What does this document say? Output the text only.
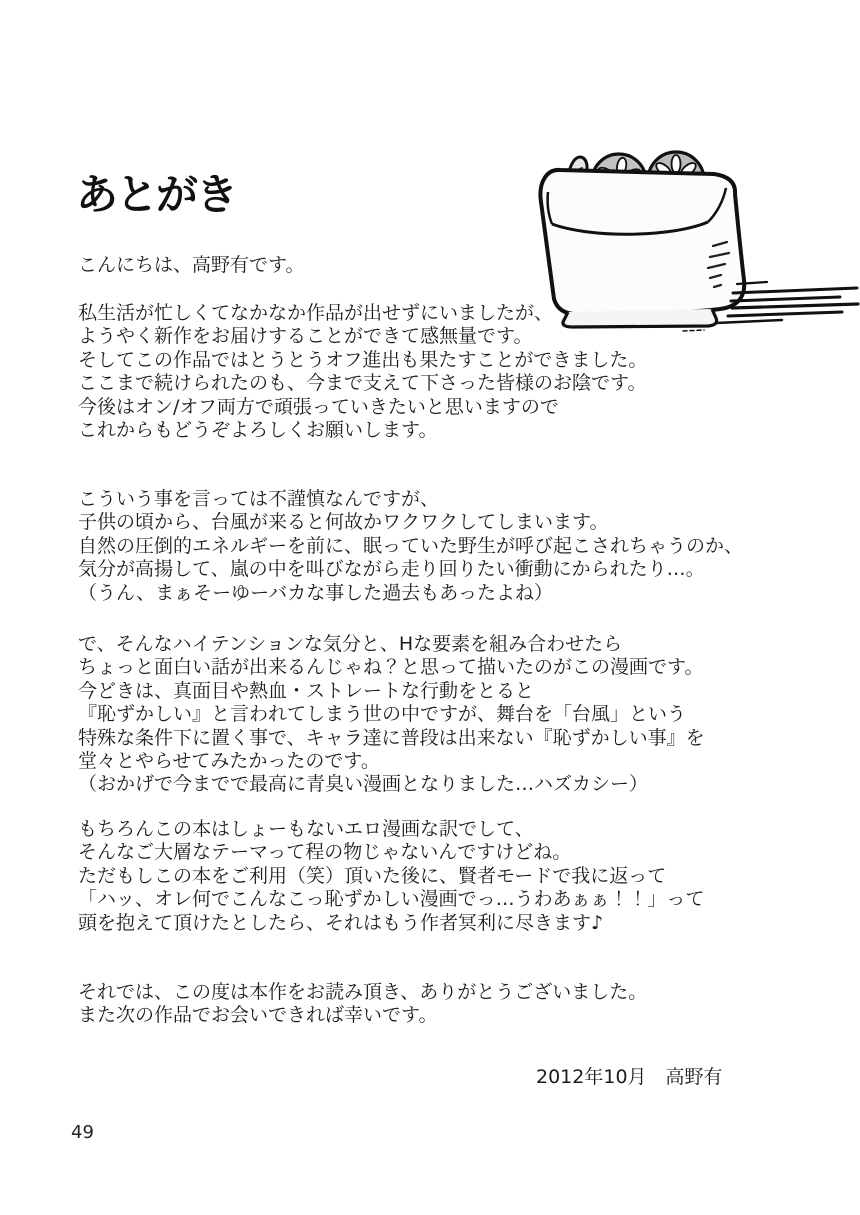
あとがき
こんにちは、高野有です。
私生活が忙しくてなかなか作品が出せずにいましたが、
ようやく新作をお届けすることができて感無量です。
そしてこの作品ではとうとうオフ進出も果たすことができました。
ここまで続けられたのも、今まで支えて下さった皆様のお陰です。
今後はオン/オフ両方で頑張っていきたいと思いますので
これからもどうぞよろしくお願いします。
こういう事を言っては不謹慎なんですが、
子供の頃から、台風が来ると何故かワクワクしてしまいます。
自然の圧倒的エネルギーを前に、眠っていた野生が呼び起こされちゃうのか、
気分が高揚して、嵐の中を叫びながら走り回りたい衝動にかられたり…。
（うん、まぁそーゆーバカな事した過去もあったよね）
で、そんなハイテンションな気分と、Hな要素を組み合わせたら
ちょっと面白い話が出来るんじゃね？と思って描いたのがこの漫画です。
今どきは、真面目や熱血・ストレートな行動をとると
『恥ずかしい』と言われてしまう世の中ですが、舞台を「台風」という
特殊な条件下に置く事で、キャラ達に普段は出来ない『恥ずかしい事』を
堂々とやらせてみたかったのです。
（おかげで今までで最高に青臭い漫画となりました…ハズカシー）
もちろんこの本はしょーもないエロ漫画な訳でして、
そんなご大層なテーマって程の物じゃないんですけどね。
ただもしこの本をご利用（笑）頂いた後に、賢者モードで我に返って
「ハッ、オレ何でこんなこっ恥ずかしい漫画でっ…うわあぁぁ！！」って
頭を抱えて頂けたとしたら、それはもう作者冥利に尽きます♪
それでは、この度は本作をお読み頂き、ありがとうございました。
また次の作品でお会いできれば幸いです。
2012年10月　高野有
49
